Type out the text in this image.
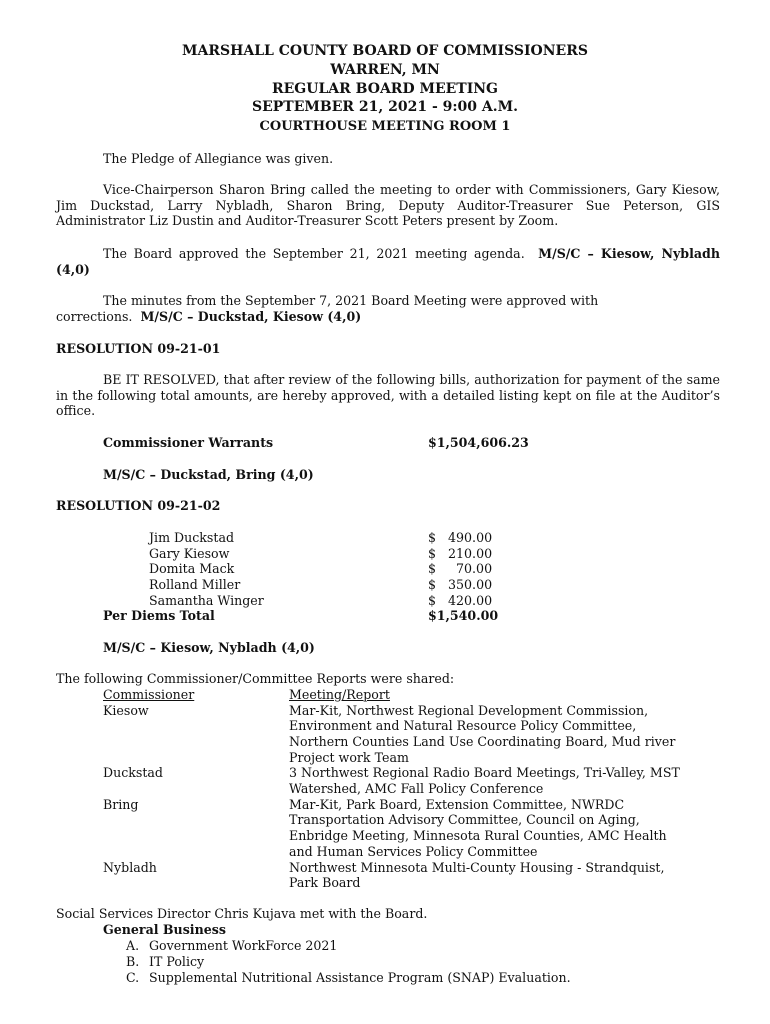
MARSHALL COUNTY BOARD OF COMMISSIONERS
WARREN, MN
REGULAR BOARD MEETING
SEPTEMBER 21, 2021 - 9:00 A.M.
COURTHOUSE MEETING ROOM 1
The Pledge of Allegiance was given.
Vice-Chairperson Sharon Bring called the meeting to order with Commissioners, Gary Kiesow, Jim Duckstad, Larry Nybladh, Sharon Bring, Deputy Auditor-Treasurer Sue Peterson, GIS Administrator Liz Dustin and Auditor-Treasurer Scott Peters present by Zoom.
The Board approved the September 21, 2021 meeting agenda. M/S/C – Kiesow, Nybladh (4,0)
The minutes from the September 7, 2021 Board Meeting were approved with corrections. M/S/C – Duckstad, Kiesow (4,0)
RESOLUTION 09-21-01
BE IT RESOLVED, that after review of the following bills, authorization for payment of the same in the following total amounts, are hereby approved, with a detailed listing kept on file at the Auditor’s office.
Commissioner Warrants	$1,504,606.23
M/S/C – Duckstad, Bring (4,0)
RESOLUTION 09-21-02
Jim Duckstad	$   490.00
Gary Kiesow	$   210.00
Domita Mack	$     70.00
Rolland Miller	$   350.00
Samantha Winger	$   420.00
Per Diems Total	$1,540.00
M/S/C – Kiesow, Nybladh (4,0)
The following Commissioner/Committee Reports were shared:
Commissioner	Meeting/Report
Kiesow	Mar-Kit, Northwest Regional Development Commission,
Environment and Natural Resource Policy Committee,
Northern Counties Land Use Coordinating Board, Mud river
Project work Team
Duckstad	3 Northwest Regional Radio Board Meetings, Tri-Valley, MST
Watershed, AMC Fall Policy Conference
Bring	Mar-Kit, Park Board, Extension Committee, NWRDC
Transportation Advisory Committee, Council on Aging,
Enbridge Meeting, Minnesota Rural Counties, AMC Health
and Human Services Policy Committee
Nybladh	Northwest Minnesota Multi-County Housing - Strandquist,
Park Board
Social Services Director Chris Kujava met with the Board.
General Business
A. Government WorkForce 2021
B. IT Policy
C. Supplemental Nutritional Assistance Program (SNAP) Evaluation.
